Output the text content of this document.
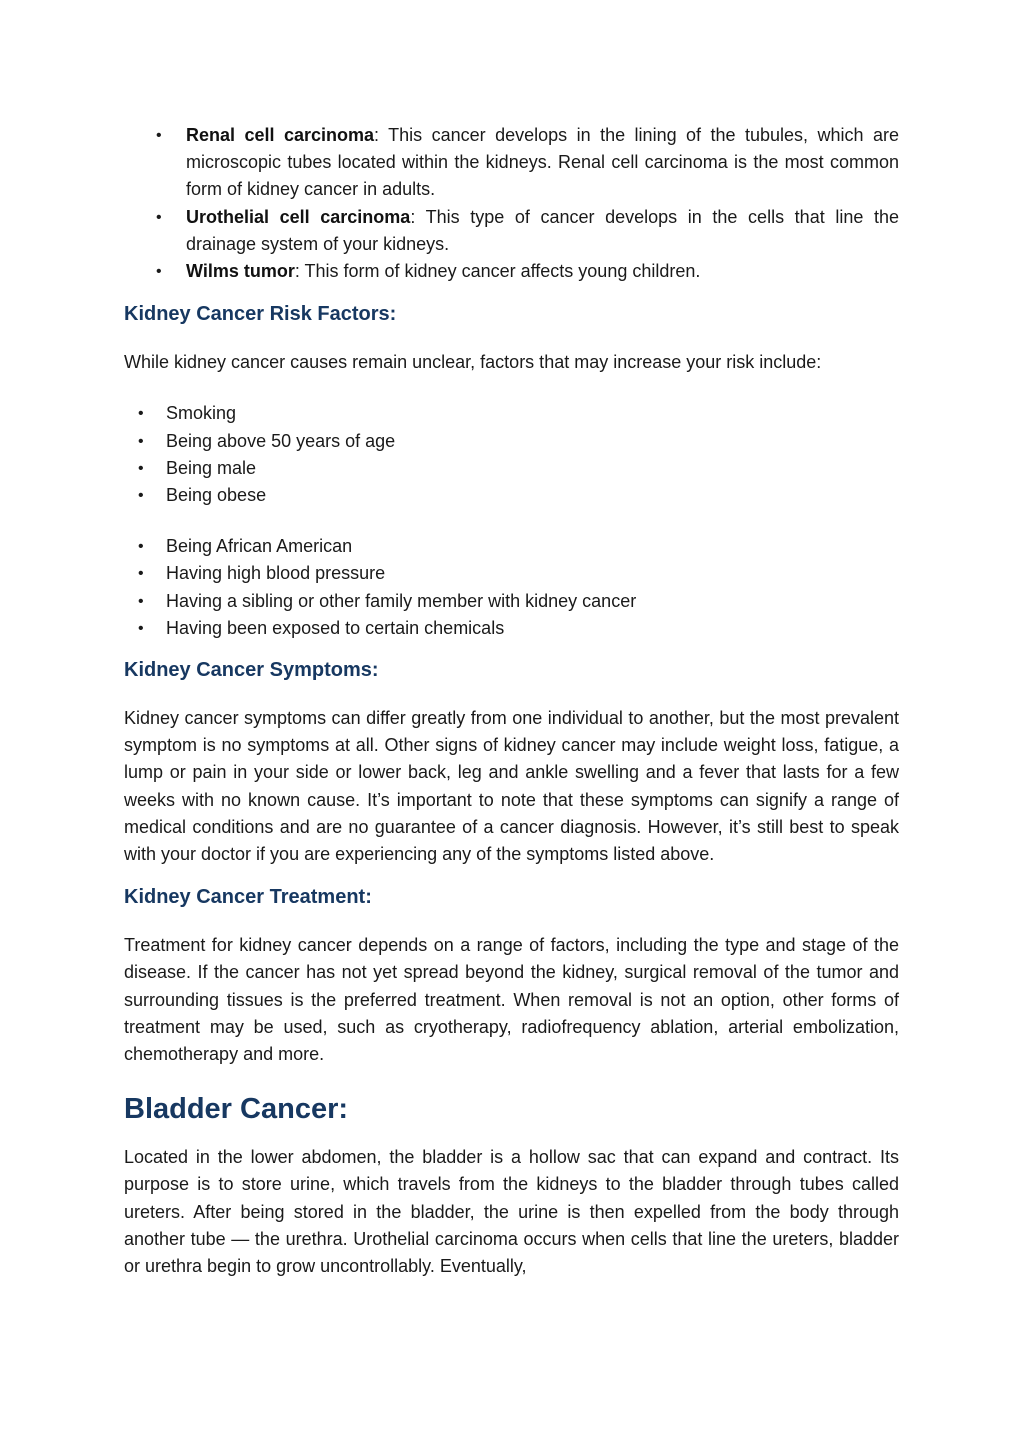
• Renal cell carcinoma: This cancer develops in the lining of the tubules, which are microscopic tubes located within the kidneys. Renal cell carcinoma is the most common form of kidney cancer in adults.
• Urothelial cell carcinoma: This type of cancer develops in the cells that line the drainage system of your kidneys.
• Wilms tumor: This form of kidney cancer affects young children.
Kidney Cancer Risk Factors:

While kidney cancer causes remain unclear, factors that may increase your risk include:

• Smoking
• Being above 50 years of age
• Being male
• Being obese
• Being African American
• Having high blood pressure
• Having a sibling or other family member with kidney cancer
• Having been exposed to certain chemicals
Kidney Cancer Symptoms:

Kidney cancer symptoms can differ greatly from one individual to another, but the most prevalent symptom is no symptoms at all. Other signs of kidney cancer may include weight loss, fatigue, a lump or pain in your side or lower back, leg and ankle swelling and a fever that lasts for a few weeks with no known cause. It’s important to note that these symptoms can signify a range of medical conditions and are no guarantee of a cancer diagnosis. However, it’s still best to speak with your doctor if you are experiencing any of the symptoms listed above.

Kidney Cancer Treatment:

Treatment for kidney cancer depends on a range of factors, including the type and stage of the disease. If the cancer has not yet spread beyond the kidney, surgical removal of the tumor and surrounding tissues is the preferred treatment. When removal is not an option, other forms of treatment may be used, such as cryotherapy, radiofrequency ablation, arterial embolization, chemotherapy and more.

Bladder Cancer:

Located in the lower abdomen, the bladder is a hollow sac that can expand and contract. Its purpose is to store urine, which travels from the kidneys to the bladder through tubes called ureters. After being stored in the bladder, the urine is then expelled from the body through another tube — the urethra. Urothelial carcinoma occurs when cells that line the ureters, bladder or urethra begin to grow uncontrollably. Eventually,
